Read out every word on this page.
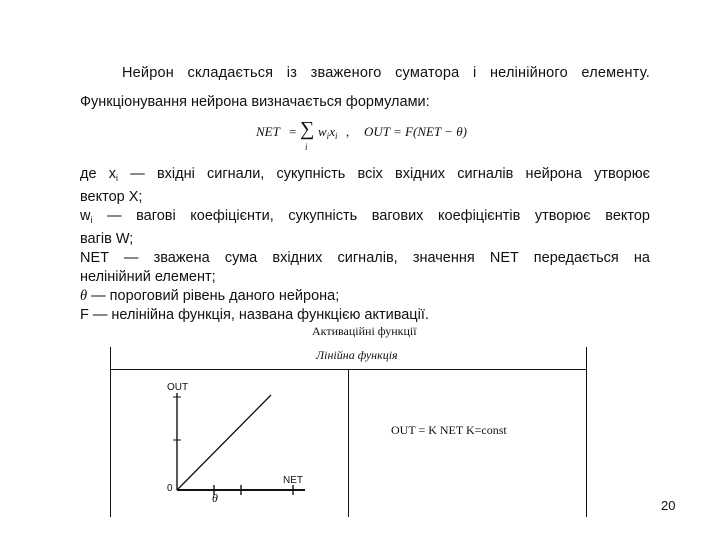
Нейрон складається із зваженого суматора і нелінійного елементу.
Функціонування нейрона визначається формулами:
NET = ∑
i
$w_ix_i$ , OUT = F(NET − θ)
де $x_i$ — вхідні сигнали, сукупність всіх вхідних сигналів нейрона утворює
вектор X;
$w_i$ — вагові коефіцієнти, сукупність вагових коефіцієнтів утворює вектор
вагів W;
NET — зважена сума вхідних сигналів, значення NET передається на
нелінійний елемент;
θ — пороговий рівень даного нейрона;
F — нелінійна функція, названа функцією активації.
Активаційні функції
Лінійна функція
OUT
NET
0
θ
OUT = K NET K=const
20
